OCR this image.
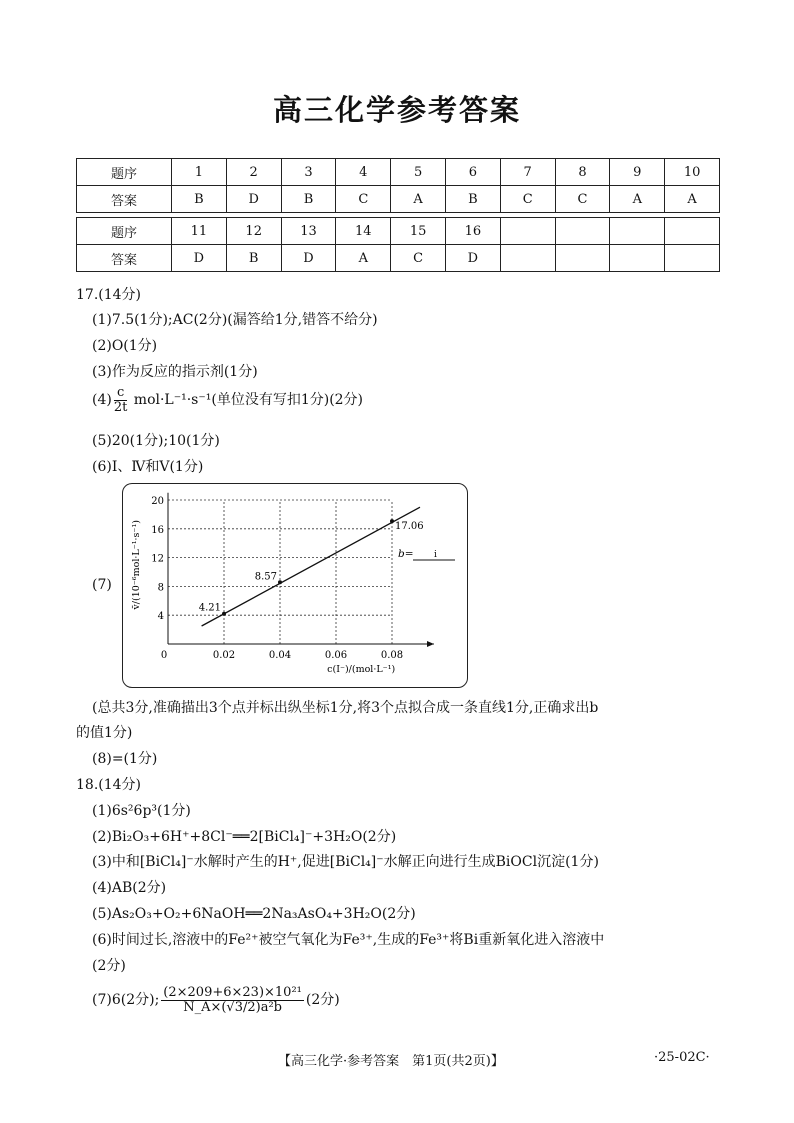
高三化学参考答案
题序	1	2	3	4	5	6	7	8	9	10
答案	B	D	B	C	A	B	C	C	A	A
题序	11	12	13	14	15	16				
答案	D	B	D	A	C	D				
17.(14分)
(1)7.5(1分);AC(2分)(漏答给1分,错答不给分)
(2)O(1分)
(3)作为反应的指示剂(1分)
$(4) \frac{c}{2t} mol\cdot L^{-1}\cdot s^{-1}$(单位没有写扣1分)(2分)
(5)20(1分);10(1分)
(6)Ⅰ、Ⅳ和Ⅴ(1分)
(7)
0	0.02	0.04	0.06	0.08
4
8
12
16
20
c(I⁻)/(mol·L⁻¹)
v̄/(10⁻⁶mol·L⁻¹·s⁻¹)	4.21
8.57
17.06
b= i
(总共3分,准确描出3个点并标出纵坐标1分,将3个点拟合成一条直线1分,正确求出b
的值1分)
(8)=(1分)
18.(14分)
(1)6s²6p³(1分)
(2)Bi₂O₃+6H⁺+8Cl⁻══2[BiCl₄]⁻+3H₂O(2分)
(3)中和[BiCl₄]⁻水解时产生的H⁺,促进[BiCl₄]⁻水解正向进行生成BiOCl沉淀(1分)
(4)AB(2分)
(5)As₂O₃+O₂+6NaOH══2Na₃AsO₄+3H₂O(2分)
(6)时间过长,溶液中的Fe²⁺被空气氧化为Fe³⁺,生成的Fe³⁺将Bi重新氧化进入溶液中
(2分)
(7)6(2分); $\frac{\text{(2×209+6×23)×10²¹}}{\text{N\_A×(√3/2)a²b}} (2$分)
【高三化学·参考答案　第1页(共2页)】	·25-02C·
